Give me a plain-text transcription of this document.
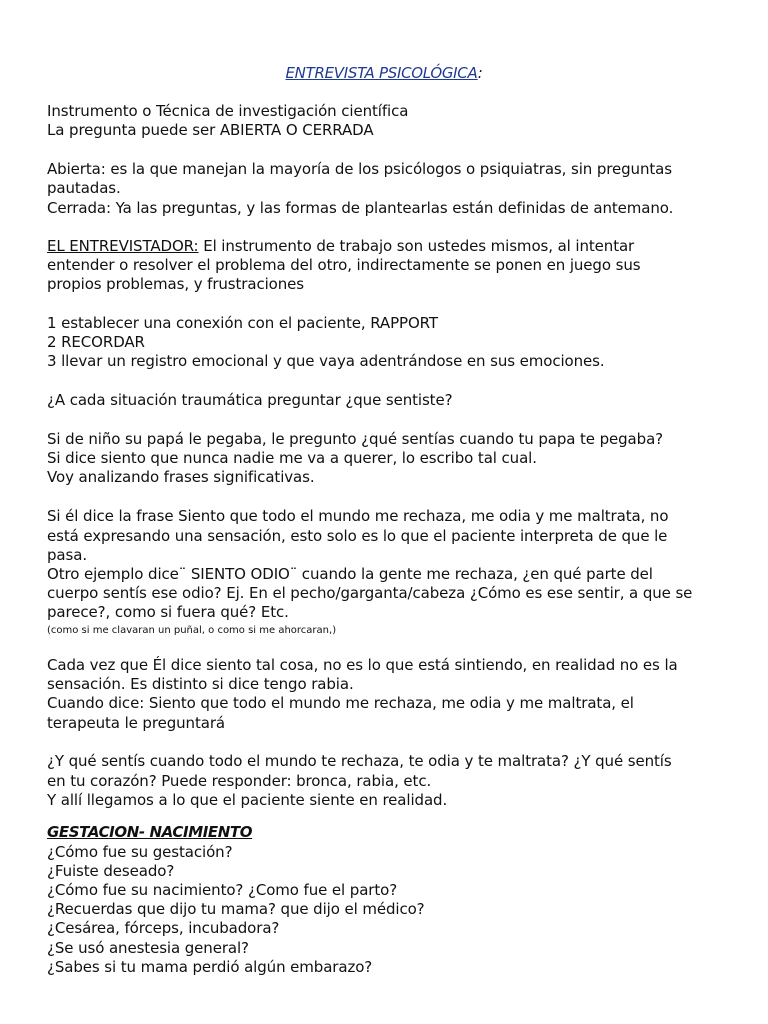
ENTREVISTA PSICOLÓGICA:
Instrumento o Técnica de investigación científica
La pregunta puede ser ABIERTA O CERRADA
Abierta: es la que manejan la mayoría de los psicólogos o psiquiatras, sin preguntas
pautadas.
Cerrada: Ya las preguntas, y las formas de plantearlas están definidas de antemano.
EL ENTREVISTADOR: El instrumento de trabajo son ustedes mismos, al intentar
entender o resolver el problema del otro, indirectamente se ponen en juego sus
propios problemas, y frustraciones
1 establecer una conexión con el paciente, RAPPORT
2 RECORDAR
3 llevar un registro emocional y que vaya adentrándose en sus emociones.
¿A cada situación traumática preguntar ¿que sentiste?
Si de niño su papá le pegaba, le pregunto ¿qué sentías cuando tu papa te pegaba?
Si dice siento que nunca nadie me va a querer, lo escribo tal cual.
Voy analizando frases significativas.
Si él dice la frase Siento que todo el mundo me rechaza, me odia y me maltrata, no
está expresando una sensación, esto solo es lo que el paciente interpreta de que le
pasa.
Otro ejemplo dice¨ SIENTO ODIO¨ cuando la gente me rechaza, ¿en qué parte del
cuerpo sentís ese odio? Ej. En el pecho/garganta/cabeza ¿Cómo es ese sentir, a que se
parece?, como si fuera qué? Etc.
(como si me clavaran un puñal, o como si me ahorcaran,)
Cada vez que Él dice siento tal cosa, no es lo que está sintiendo, en realidad no es la
sensación. Es distinto si dice tengo rabia.
Cuando dice: Siento que todo el mundo me rechaza, me odia y me maltrata, el
terapeuta le preguntará
¿Y qué sentís cuando todo el mundo te rechaza, te odia y te maltrata? ¿Y qué sentís
en tu corazón? Puede responder: bronca, rabia, etc.
Y allí llegamos a lo que el paciente siente en realidad.
GESTACION- NACIMIENTO
¿Cómo fue su gestación?
¿Fuiste deseado?
¿Cómo fue su nacimiento? ¿Como fue el parto?
¿Recuerdas que dijo tu mama? que dijo el médico?
¿Cesárea, fórceps, incubadora?
¿Se usó anestesia general?
¿Sabes si tu mama perdió algún embarazo?
